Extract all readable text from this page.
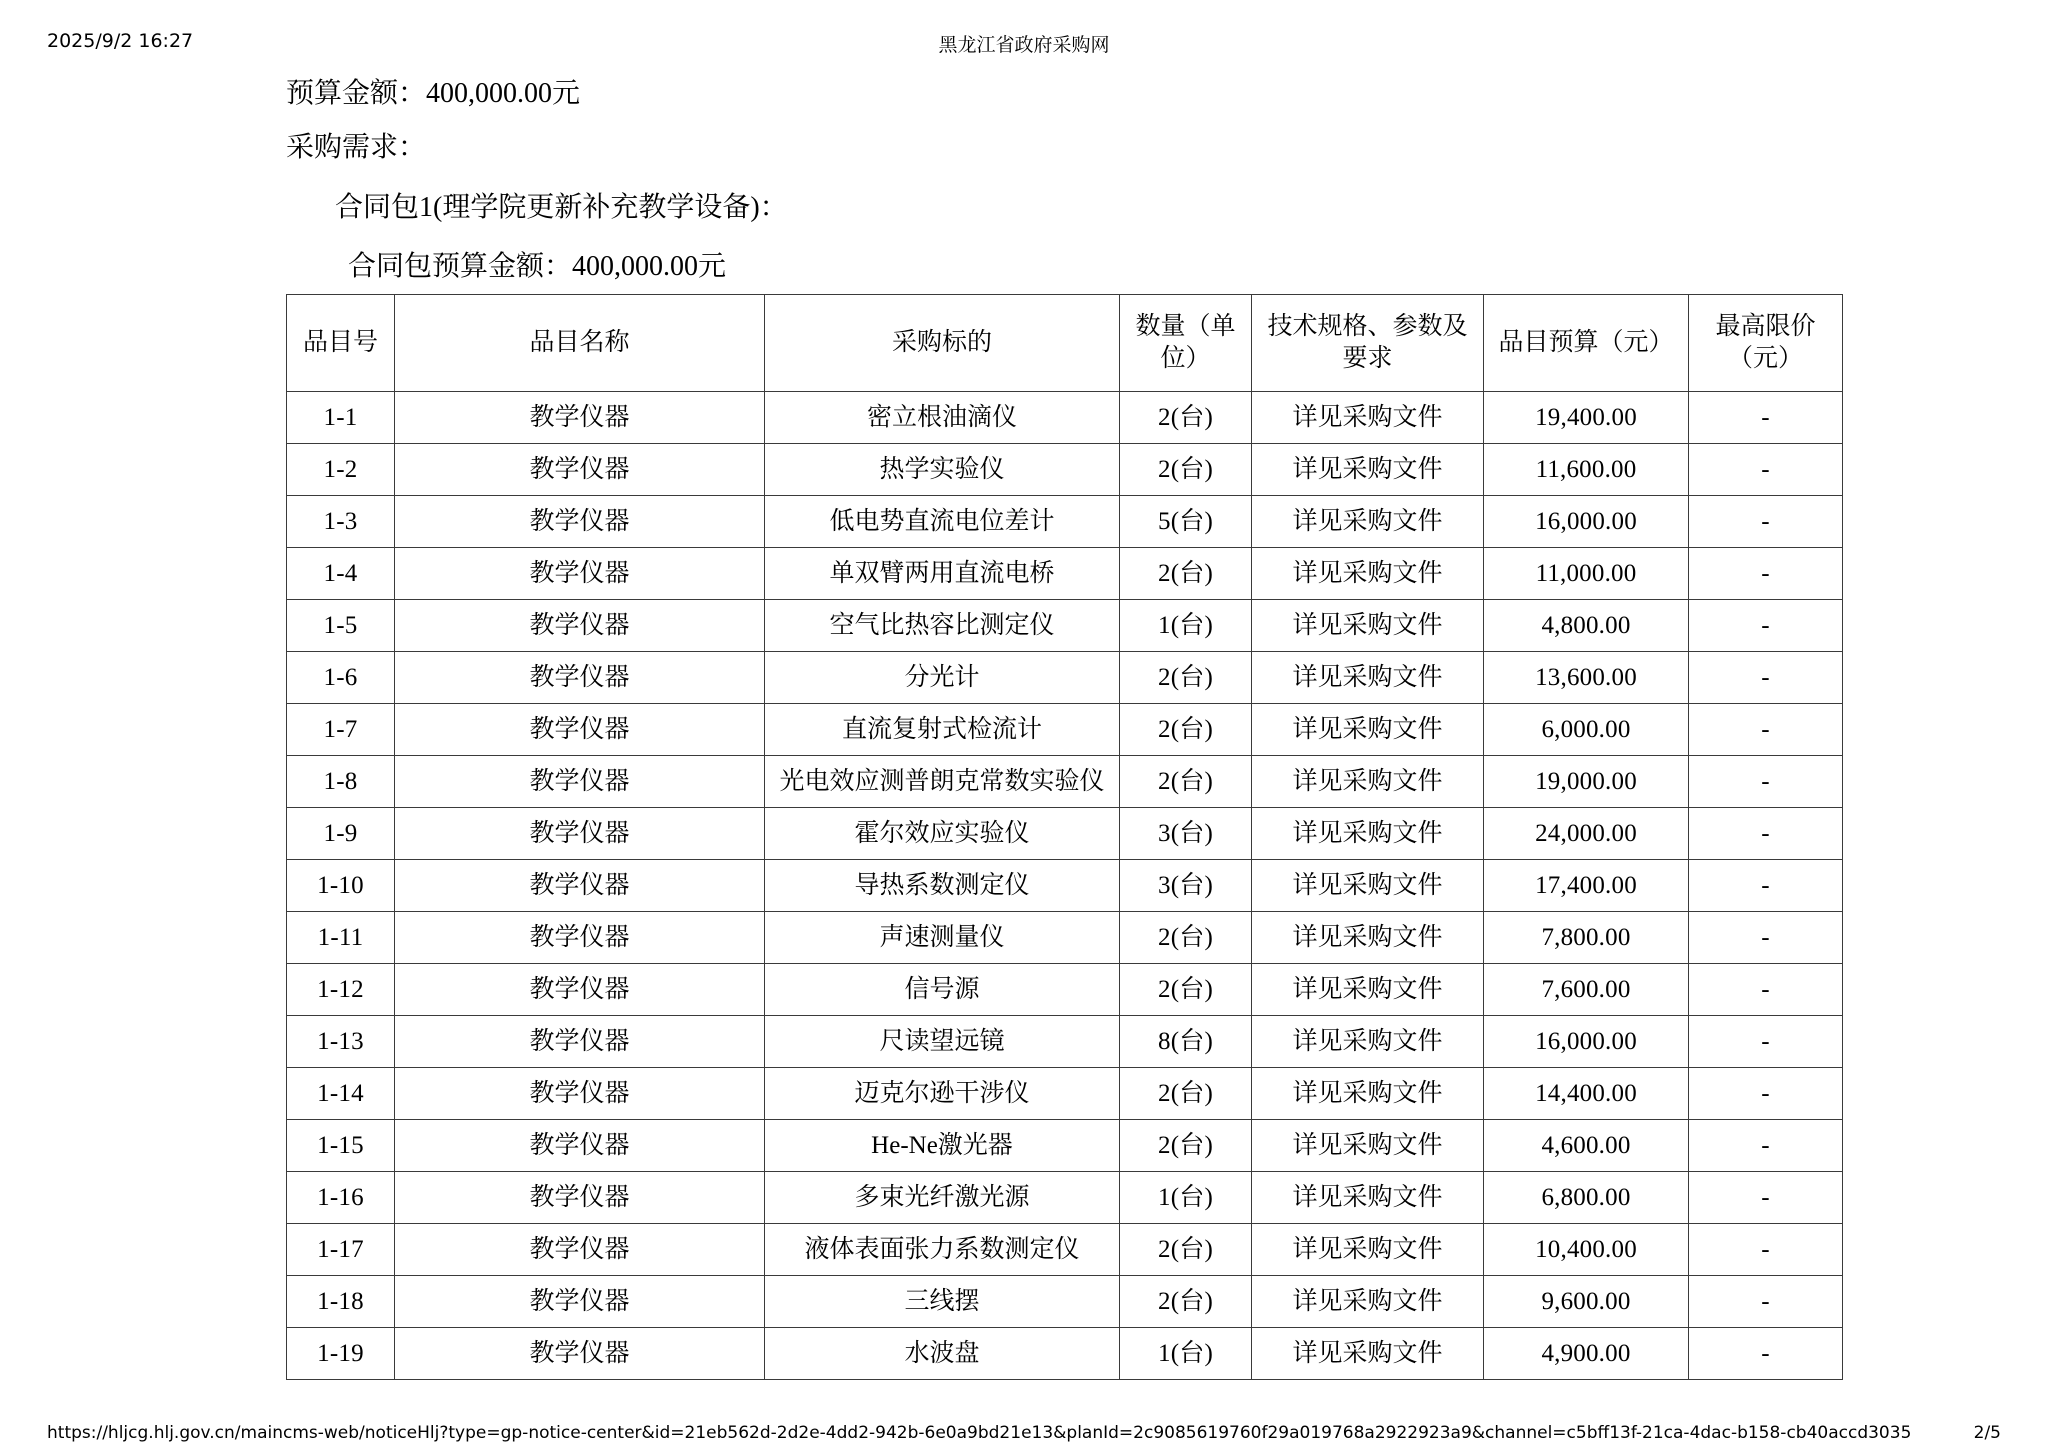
2025/9/2 16:27	黑龙江省政府采购网
预算金额：400,000.00元
采购需求：
合同包1(理学院更新补充教学设备)：
合同包预算金额：400,000.00元
品目号	品目名称	采购标的	数量（单位）	技术规格、参数及要求	品目预算（元）	最高限价（元）
1-1	教学仪器	密立根油滴仪	2(台)	详见采购文件	19,400.00	-
1-2	教学仪器	热学实验仪	2(台)	详见采购文件	11,600.00	-
1-3	教学仪器	低电势直流电位差计	5(台)	详见采购文件	16,000.00	-
1-4	教学仪器	单双臂两用直流电桥	2(台)	详见采购文件	11,000.00	-
1-5	教学仪器	空气比热容比测定仪	1(台)	详见采购文件	4,800.00	-
1-6	教学仪器	分光计	2(台)	详见采购文件	13,600.00	-
1-7	教学仪器	直流复射式检流计	2(台)	详见采购文件	6,000.00	-
1-8	教学仪器	光电效应测普朗克常数实验仪	2(台)	详见采购文件	19,000.00	-
1-9	教学仪器	霍尔效应实验仪	3(台)	详见采购文件	24,000.00	-
1-10	教学仪器	导热系数测定仪	3(台)	详见采购文件	17,400.00	-
1-11	教学仪器	声速测量仪	2(台)	详见采购文件	7,800.00	-
1-12	教学仪器	信号源	2(台)	详见采购文件	7,600.00	-
1-13	教学仪器	尺读望远镜	8(台)	详见采购文件	16,000.00	-
1-14	教学仪器	迈克尔逊干涉仪	2(台)	详见采购文件	14,400.00	-
1-15	教学仪器	He-Ne激光器	2(台)	详见采购文件	4,600.00	-
1-16	教学仪器	多束光纤激光源	1(台)	详见采购文件	6,800.00	-
1-17	教学仪器	液体表面张力系数测定仪	2(台)	详见采购文件	10,400.00	-
1-18	教学仪器	三线摆	2(台)	详见采购文件	9,600.00	-
1-19	教学仪器	水波盘	1(台)	详见采购文件	4,900.00	-
https://hljcg.hlj.gov.cn/maincms-web/noticeHlj?type=gp-notice-center&id=21eb562d-2d2e-4dd2-942b-6e0a9bd21e13&planId=2c9085619760f29a019768a2922923a9&channel=c5bff13f-21ca-4dac-b158-cb40accd3035	2/5
